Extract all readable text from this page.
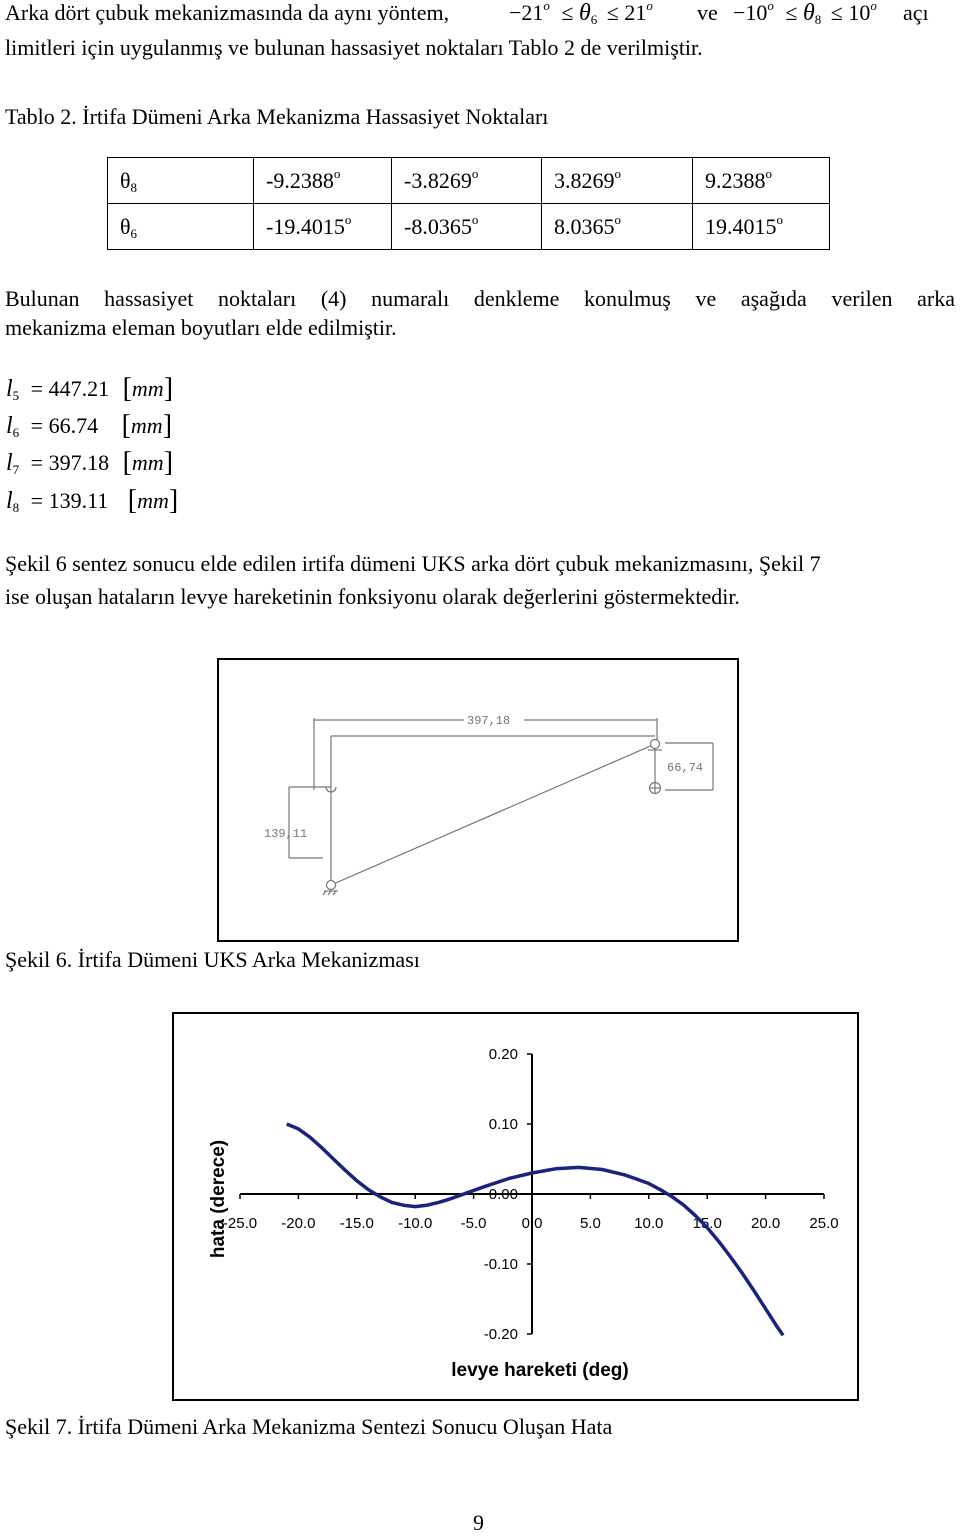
Arka dört çubuk mekanizmasında da aynı yöntem,	$-21^o \le \theta_6 \le 21^o$ ve $-10^o \le \theta_8 \le 10^o$ açı
limitleri için uygulanmış ve bulunan hassasiyet noktaları Tablo 2 de verilmiştir.
Tablo 2. İrtifa Dümeni Arka Mekanizma Hassasiyet Noktaları
$\theta_8$	-9.2388$^o$	-3.8269$^o$	3.8269$^o$	9.2388$^o$
$\theta_6$	-19.4015$^o$	-8.0365$^o$	8.0365$^o$	19.4015$^o$
Bulunan hassasiyet noktaları (4) numaralı denkleme konulmuş ve aşağıda verilen arka
mekanizma eleman boyutları elde edilmiştir.
$l_5 = 447.21$ [mm]
$l_6 = 66.74$ [mm]
$l_7 = 397.18$ [mm]
$l_8 = 139.11$ [mm]
Şekil 6 sentez sonucu elde edilen irtifa dümeni UKS arka dört çubuk mekanizmasını, Şekil 7
ise oluşan hataların levye hareketinin fonksiyonu olarak değerlerini göstermektedir.
397,18
66,74
139,11
Şekil 6. İrtifa Dümeni UKS Arka Mekanizması
-25.0 -20.0 -15.0 -10.0 -5.0 0.0	5.0 10.0 15.0 20.0 25.0
0.20
0.10
0.00
-0.10
-0.20
levye hareketi (deg)
hata (derece)
Şekil 7. İrtifa Dümeni Arka Mekanizma Sentezi Sonucu Oluşan Hata
9
